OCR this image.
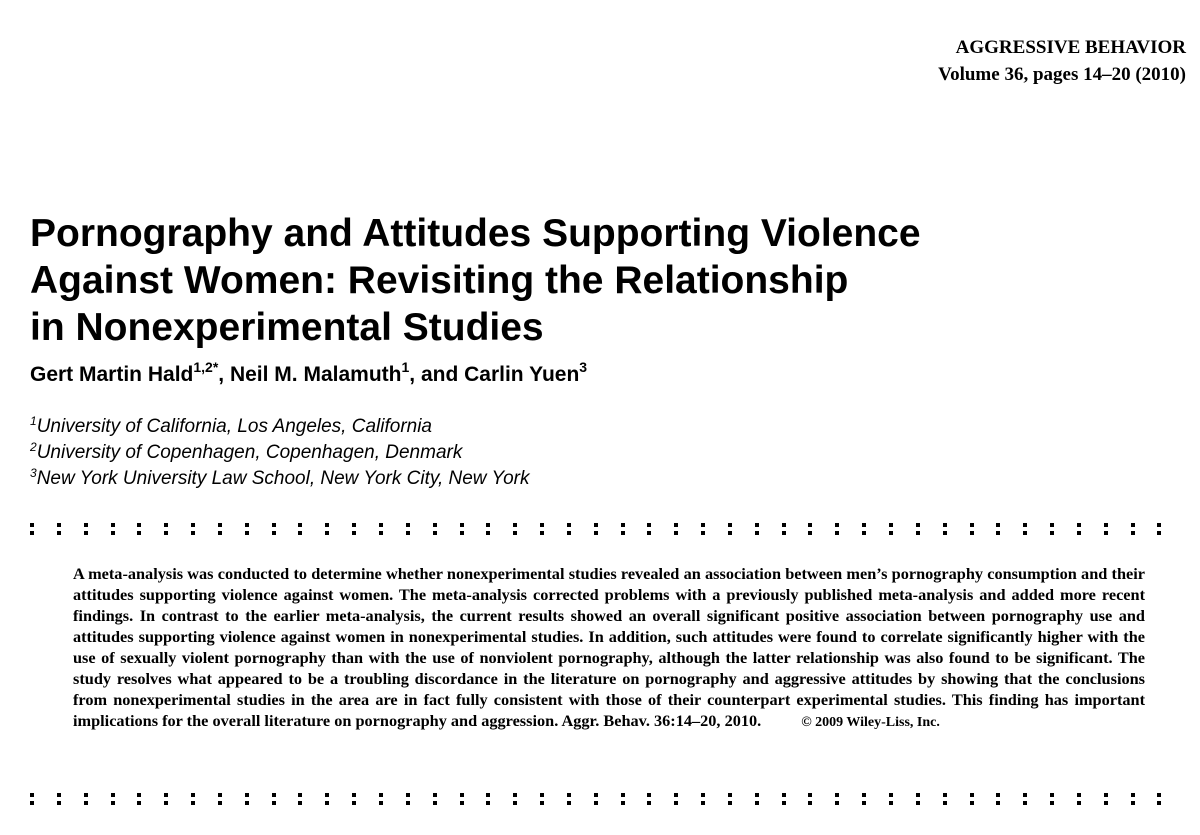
AGGRESSIVE BEHAVIOR
Volume 36, pages 14–20 (2010)
Pornography and Attitudes Supporting Violence
Against Women: Revisiting the Relationship
in Nonexperimental Studies
Gert Martin Hald$^{1,2*}$, Neil M. Malamuth$^1$, and Carlin Yuen$^3$
$^1$University of California, Los Angeles, California
$^2$University of Copenhagen, Copenhagen, Denmark
$^3$New York University Law School, New York City, New York

A meta-analysis was conducted to determine whether nonexperimental studies revealed an association between men’s pornography consumption and their attitudes supporting violence against women. The meta-analysis corrected problems with a previously published meta-analysis and added more recent findings. In contrast to the earlier meta-analysis, the current results showed an overall significant positive association between pornography use and attitudes supporting violence against women in nonexperimental studies. In addition, such attitudes were found to correlate significantly higher with the use of sexually violent pornography than with the use of nonviolent pornography, although the latter relationship was also found to be significant. The study resolves what appeared to be a troubling discordance in the literature on pornography and aggressive attitudes by showing that the conclusions from nonexperimental studies in the area are in fact fully consistent with those of their counterpart experimental studies. This finding has important implications for the overall literature on pornography and aggression. Aggr. Behav. 36:14–20, 2010.	© 2009 Wiley-Liss, Inc.
